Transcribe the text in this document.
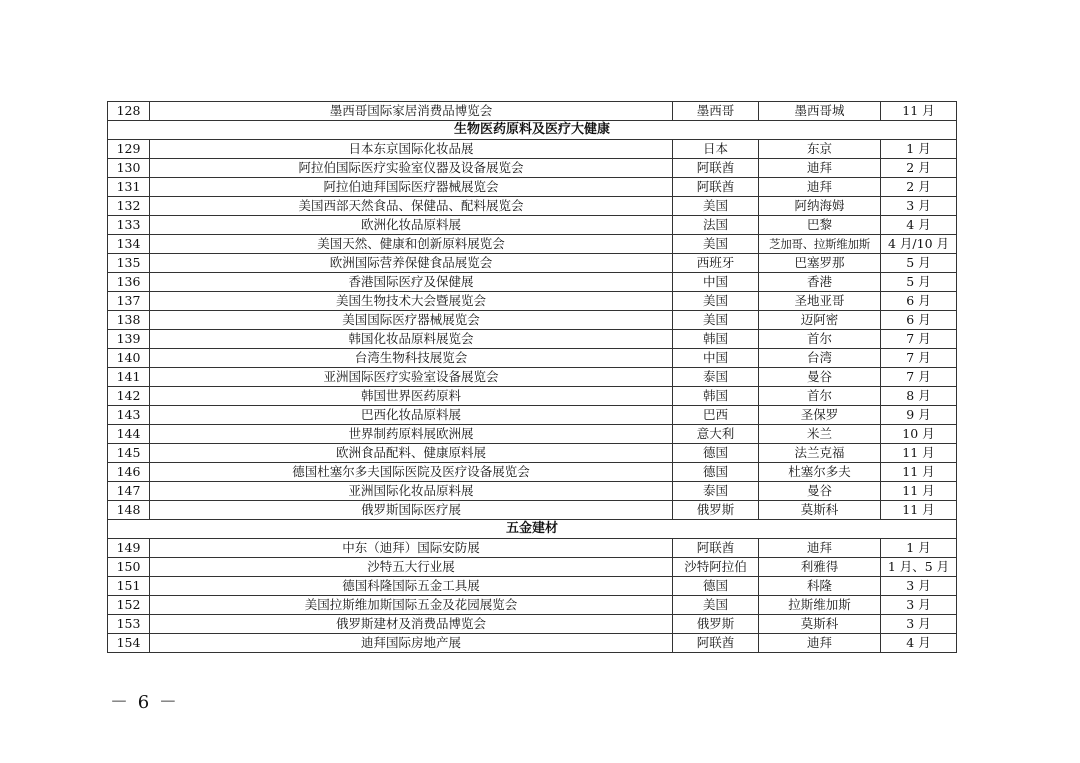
128	墨西哥国际家居消费品博览会	墨西哥	墨西哥城	11 月
生物医药原料及医疗大健康				
129	日本东京国际化妆品展	日本	东京	1 月
130	阿拉伯国际医疗实验室仪器及设备展览会	阿联酋	迪拜	2 月
131	阿拉伯迪拜国际医疗器械展览会	阿联酋	迪拜	2 月
132	美国西部天然食品、保健品、配料展览会	美国	阿纳海姆	3 月
133	欧洲化妆品原料展	法国	巴黎	4 月
134	美国天然、健康和创新原料展览会	美国	芝加哥、拉斯维加斯	4 月/10 月
135	欧洲国际营养保健食品展览会	西班牙	巴塞罗那	5 月
136	香港国际医疗及保健展	中国	香港	5 月
137	美国生物技术大会暨展览会	美国	圣地亚哥	6 月
138	美国国际医疗器械展览会	美国	迈阿密	6 月
139	韩国化妆品原料展览会	韩国	首尔	7 月
140	台湾生物科技展览会	中国	台湾	7 月
141	亚洲国际医疗实验室设备展览会	泰国	曼谷	7 月
142	韩国世界医药原料	韩国	首尔	8 月
143	巴西化妆品原料展	巴西	圣保罗	9 月
144	世界制药原料展欧洲展	意大利	米兰	10 月
145	欧洲食品配料、健康原料展	德国	法兰克福	11 月
146	德国杜塞尔多夫国际医院及医疗设备展览会	德国	杜塞尔多夫	11 月
147	亚洲国际化妆品原料展	泰国	曼谷	11 月
148	俄罗斯国际医疗展	俄罗斯	莫斯科	11 月
五金建材				
149	中东（迪拜）国际安防展	阿联酋	迪拜	1 月
150	沙特五大行业展	沙特阿拉伯	利雅得	1 月、5 月
151	德国科隆国际五金工具展	德国	科隆	3 月
152	美国拉斯维加斯国际五金及花园展览会	美国	拉斯维加斯	3 月
153	俄罗斯建材及消费品博览会	俄罗斯	莫斯科	3 月
154	迪拜国际房地产展	阿联酋	迪拜	4 月
－ 6 －
